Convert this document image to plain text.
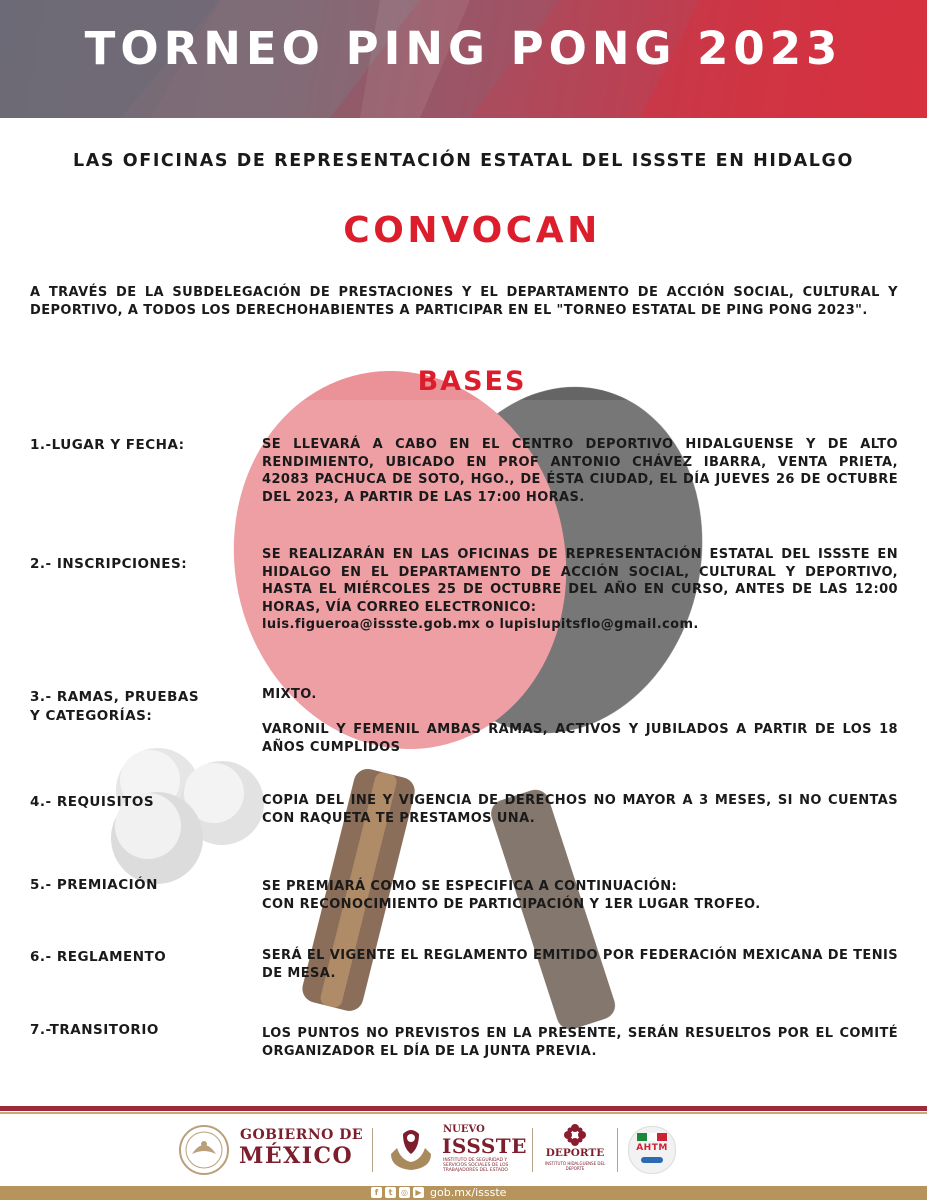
TORNEO PING PONG 2023

LAS OFICINAS DE REPRESENTACIÓN ESTATAL DEL ISSSTE EN HIDALGO

CONVOCAN

A TRAVÉS DE LA SUBDELEGACIÓN DE PRESTACIONES Y EL DEPARTAMENTO DE ACCIÓN SOCIAL, CULTURAL Y DEPORTIVO, A TODOS LOS DERECHOHABIENTES A PARTICIPAR EN EL "TORNEO ESTATAL DE PING PONG 2023".

BASES

1.-LUGAR Y FECHA:	SE LLEVARÁ A CABO EN EL CENTRO DEPORTIVO HIDALGUENSE Y DE ALTO RENDIMIENTO, UBICADO EN PROF ANTONIO CHÁVEZ IBARRA, VENTA PRIETA, 42083 PACHUCA DE SOTO, HGO., DE ÉSTA CIUDAD, EL DÍA JUEVES 26 DE OCTUBRE DEL 2023, A PARTIR DE LAS 17:00 HORAS.
2.- INSCRIPCIONES:
SE REALIZARÁN EN LAS OFICINAS DE REPRESENTACIÓN ESTATAL DEL ISSSTE EN HIDALGO EN EL DEPARTAMENTO DE ACCIÓN SOCIAL, CULTURAL Y DEPORTIVO, HASTA EL MIÉRCOLES 25 DE OCTUBRE DEL AÑO EN CURSO, ANTES DE LAS 12:00 HORAS, VÍA CORREO ELECTRONICO:
luis.figueroa@issste.gob.mx o lupislupitsflo@gmail.com.
3.- RAMAS, PRUEBAS
Y CATEGORÍAS:
MIXTO.

VARONIL Y FEMENIL AMBAS RAMAS, ACTIVOS Y JUBILADOS A PARTIR DE LOS 18 AÑOS CUMPLIDOS
4.- REQUISITOS	COPIA DEL INE Y VIGENCIA DE DERECHOS NO MAYOR A 3 MESES, SI NO CUENTAS CON RAQUETA TE PRESTAMOS UNA.
5.- PREMIACIÓN	SE PREMIARÁ COMO SE ESPECIFICA A CONTINUACIÓN:
CON RECONOCIMIENTO DE PARTICIPACIÓN Y 1ER LUGAR TROFEO.
6.- REGLAMENTO	SERÁ EL VIGENTE EL REGLAMENTO EMITIDO POR FEDERACIÓN MEXICANA DE TENIS DE MESA.
7.-TRANSITORIO	LOS PUNTOS NO PREVISTOS EN LA PRESENTE, SERÁN RESUELTOS POR EL COMITÉ ORGANIZADOR EL DÍA DE LA JUNTA PREVIA.
GOBIERNO DE
MÉXICO
NUEVO
ISSSTE
INSTITUTO DE SEGURIDAD Y SERVICIOS SOCIALES DE LOS TRABAJADORES DEL ESTADO
DEPORTE
INSTITUTO HIDALGUENSE DEL DEPORTE
AHTM
f	t	◎ ▶ gob.mx/issste
